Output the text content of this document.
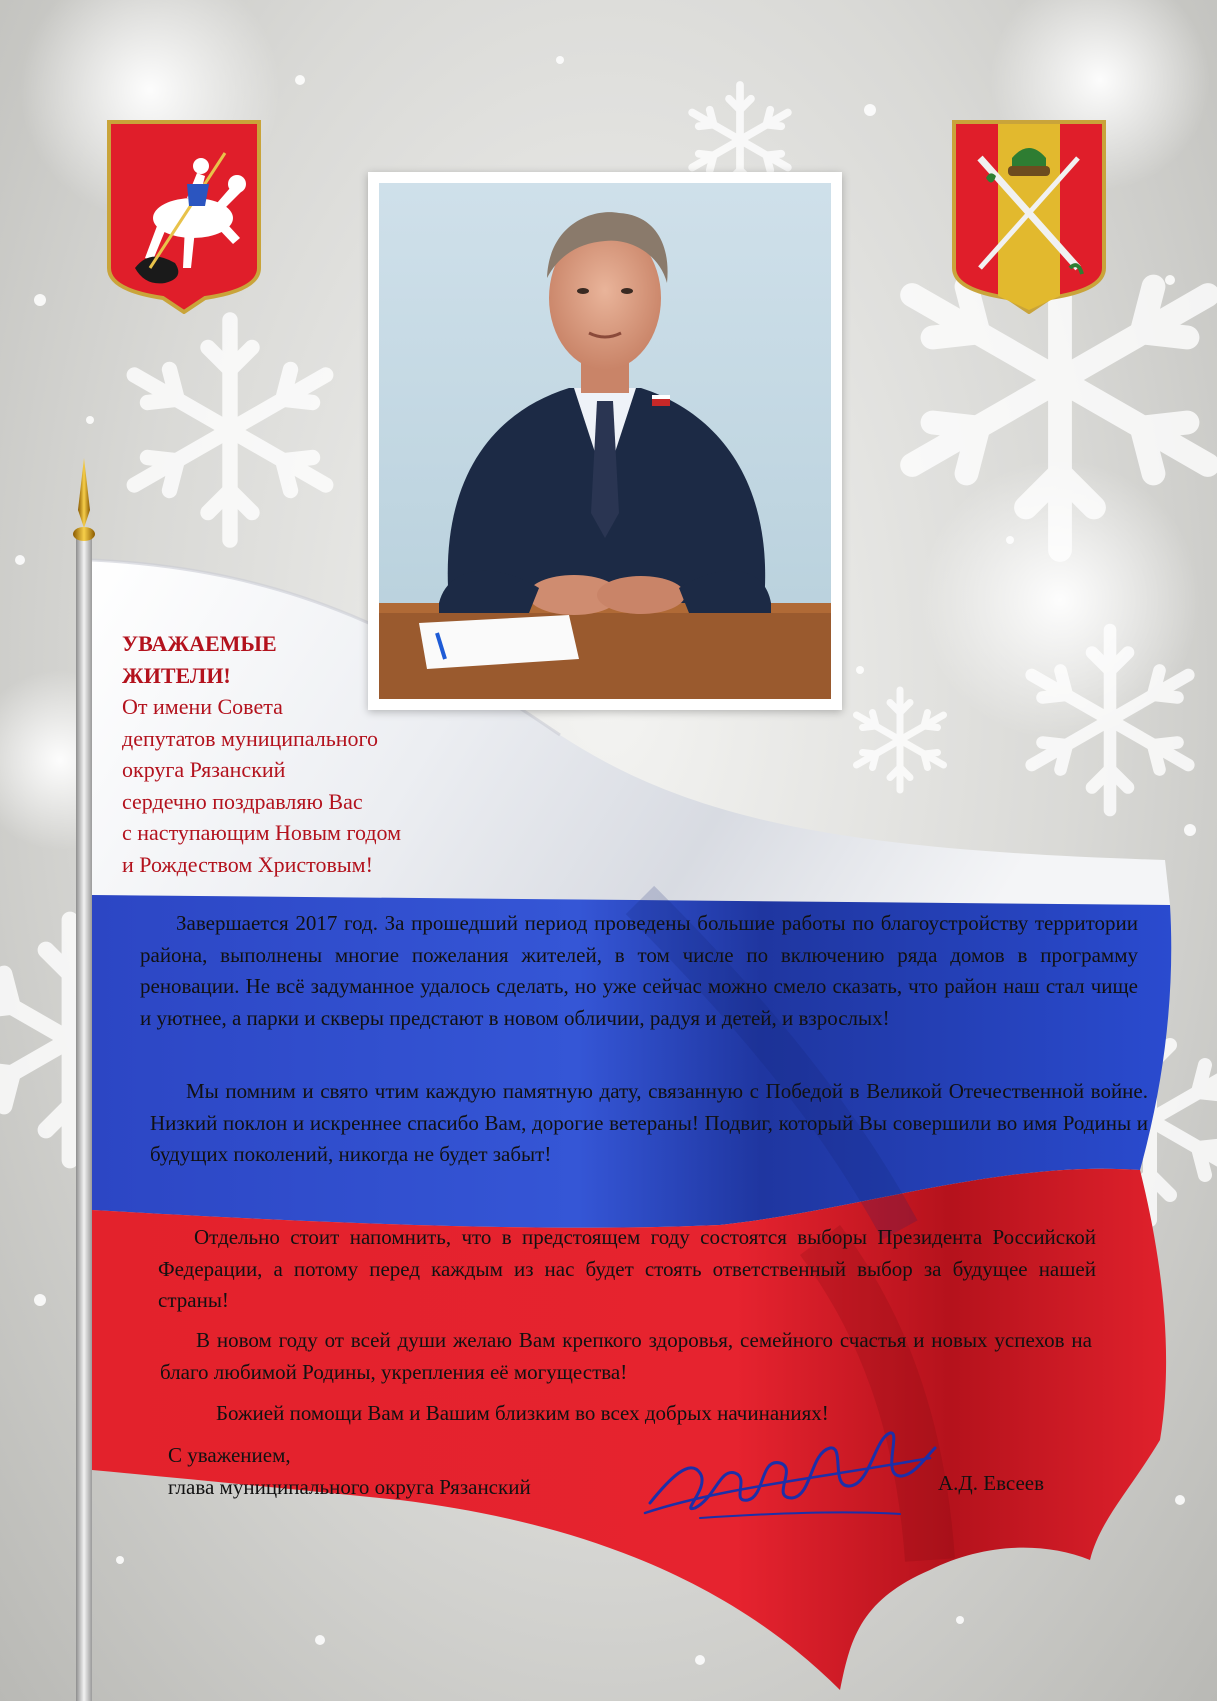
УВАЖАЕМЫЕ
ЖИТЕЛИ!
От имени Совета
депутатов муниципального
округа Рязанский
сердечно поздравляю Вас
с наступающим Новым годом
и Рождеством Христовым!

Завершается 2017 год. За прошедший период проведены большие работы по благоустройству территории района, выполнены многие пожелания жителей, в том числе по включению ряда домов в программу реновации. Не всё задуманное удалось сделать, но уже сейчас можно смело сказать, что район наш стал чище и уютнее, а парки и скверы предстают в новом обличии, радуя и детей, и взрослых!

Мы помним и свято чтим каждую памятную дату, связанную с Победой в Великой Отечественной войне. Низкий поклон и искреннее спасибо Вам, дорогие ветераны! Подвиг, который Вы совершили во имя Родины и будущих поколений, никогда не будет забыт!

Отдельно стоит напомнить, что в предстоящем году состоятся выборы Президента Российской Федерации, а потому перед каждым из нас будет стоять ответственный выбор за будущее нашей страны!

В новом году от всей души желаю Вам крепкого здоровья, семейного счастья и новых успехов на благо любимой Родины, укрепления её могущества!

Божией помощи Вам и Вашим близким во всех добрых начинаниях!

С уважением,
глава муниципального округа Рязанский	А.Д. Евсеев
